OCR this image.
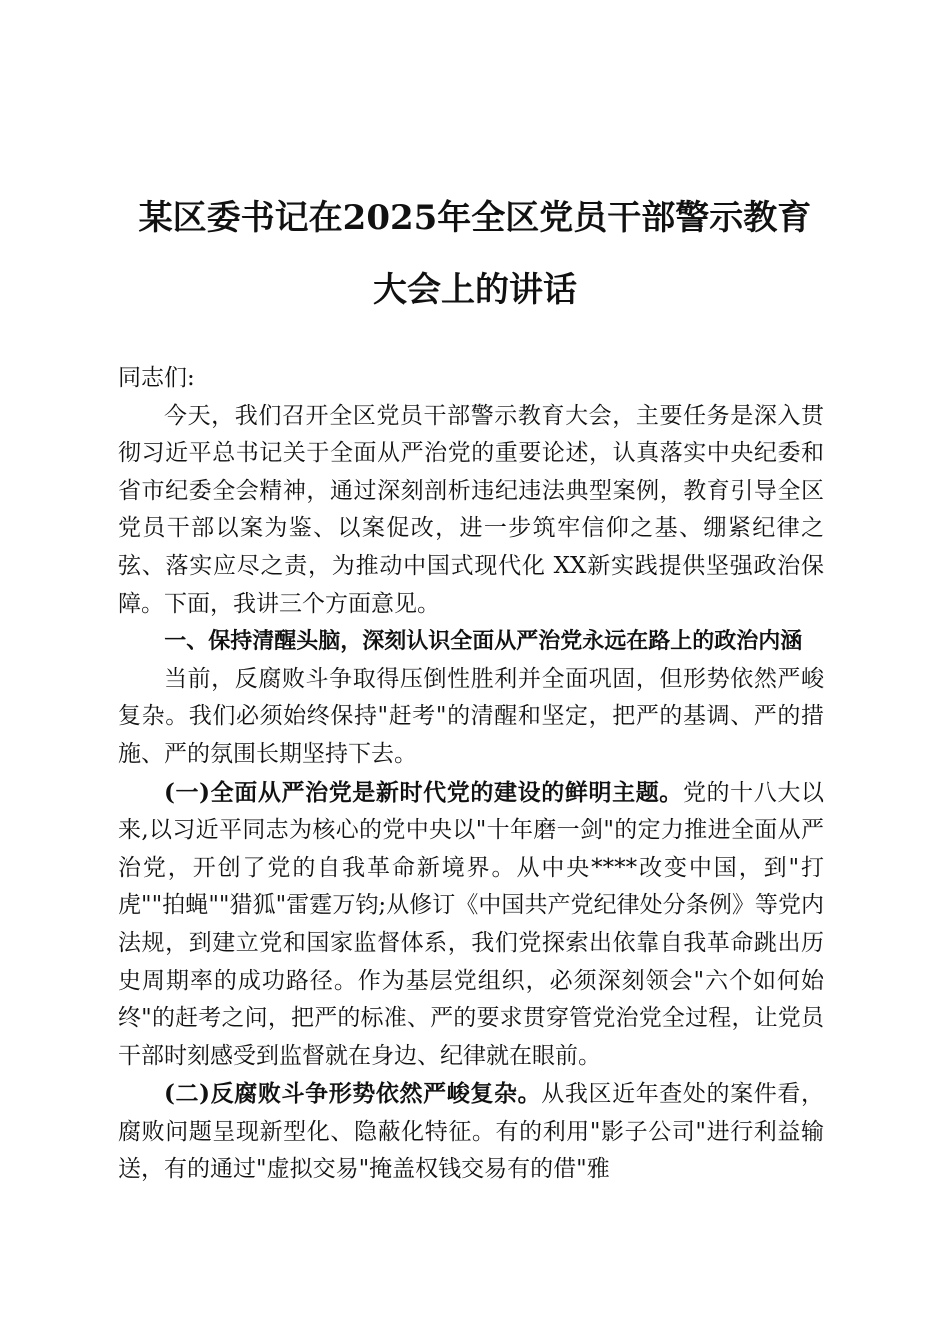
某区委书记在2025年全区党员干部警示教育
大会上的讲话

同志们:

今天，我们召开全区党员干部警示教育大会，主要任务是深入贯彻习近平总书记关于全面从严治党的重要论述，认真落实中央纪委和省市纪委全会精神，通过深刻剖析违纪违法典型案例，教育引导全区党员干部以案为鉴、以案促改，进一步筑牢信仰之基、绷紧纪律之弦、落实应尽之责，为推动中国式现代化 XX新实践提供坚强政治保障。下面，我讲三个方面意见。

一、保持清醒头脑，深刻认识全面从严治党永远在路上的政治内涵

当前，反腐败斗争取得压倒性胜利并全面巩固，但形势依然严峻复杂。我们必须始终保持"赶考"的清醒和坚定，把严的基调、严的措施、严的氛围长期坚持下去。

(一)全面从严治党是新时代党的建设的鲜明主题。党的十八大以来,以习近平同志为核心的党中央以"十年磨一剑"的定力推进全面从严治党，开创了党的自我革命新境界。从中央****改变中国，到"打虎""拍蝇""猎狐"雷霆万钧;从修订《中国共产党纪律处分条例》等党内法规，到建立党和国家监督体系，我们党探索出依靠自我革命跳出历史周期率的成功路径。作为基层党组织，必须深刻领会"六个如何始终"的赶考之问，把严的标准、严的要求贯穿管党治党全过程，让党员干部时刻感受到监督就在身边、纪律就在眼前。

(二)反腐败斗争形势依然严峻复杂。从我区近年查处的案件看，腐败问题呈现新型化、隐蔽化特征。有的利用"影子公司"进行利益输送，有的通过"虚拟交易"掩盖权钱交易有的借"雅
